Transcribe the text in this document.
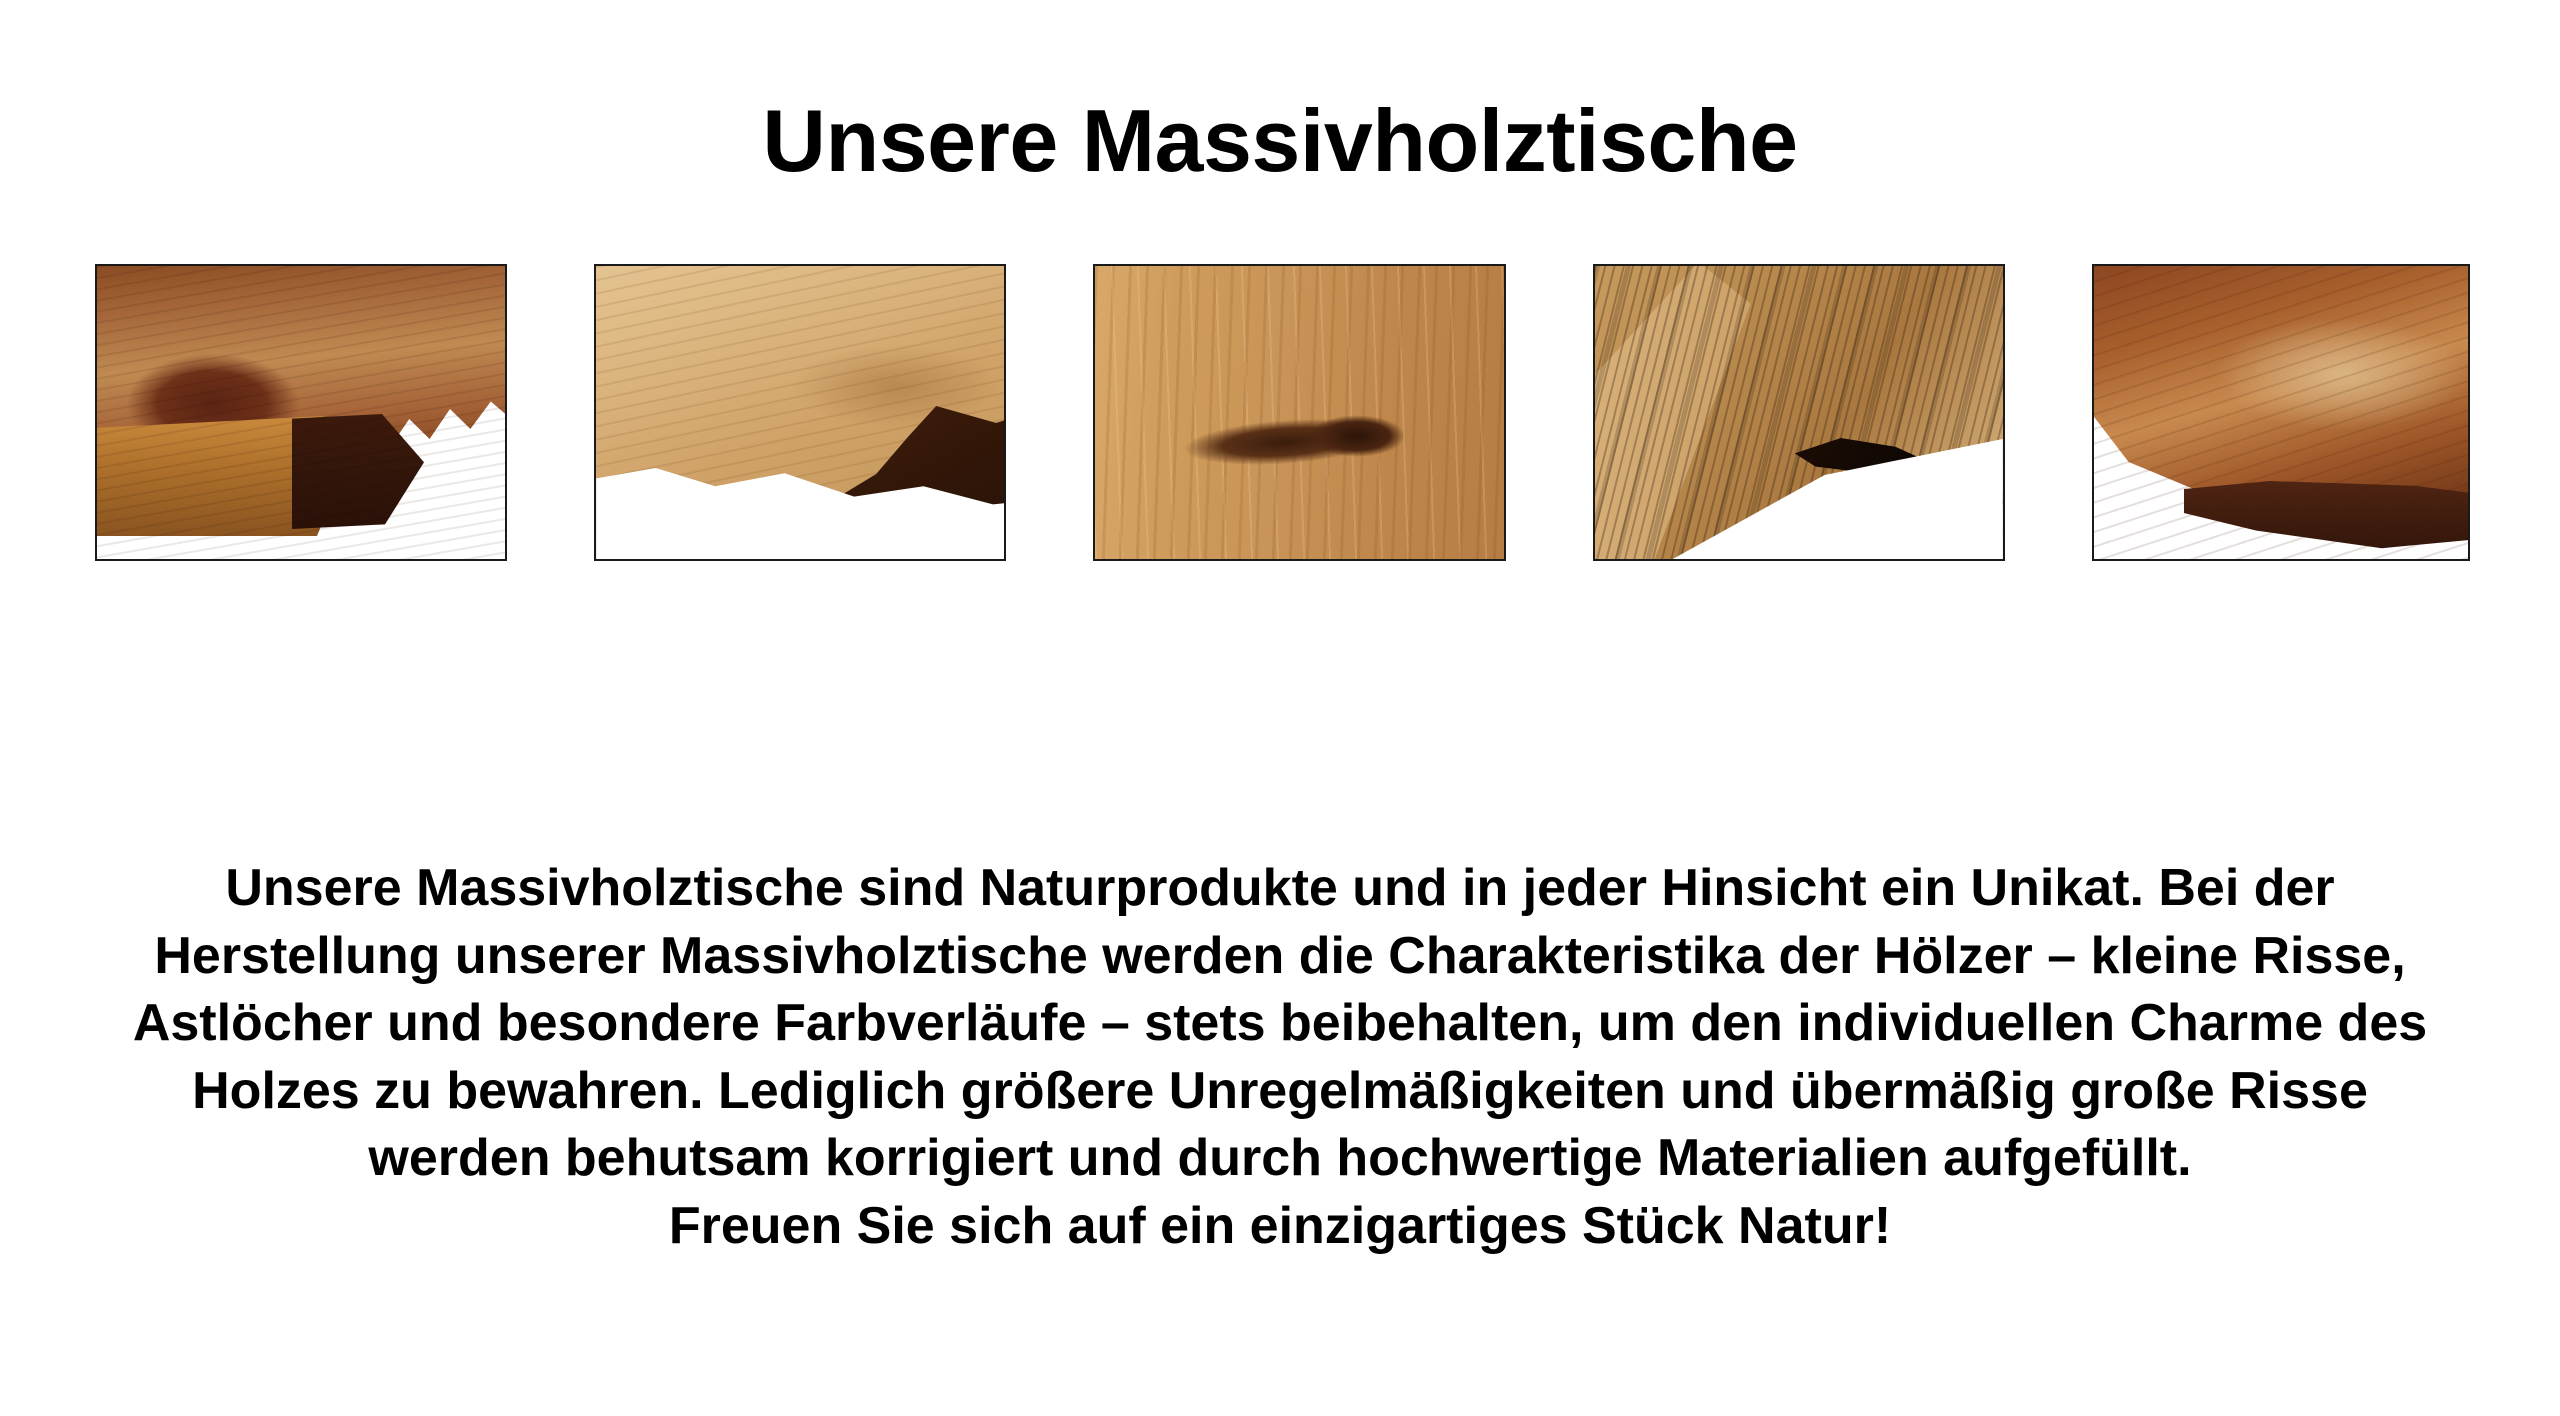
Unsere Massivholztische

Unsere Massivholztische sind Naturprodukte und in jeder Hinsicht ein Unikat. Bei der

Herstellung unserer Massivholztische werden die Charakteristika der Hölzer – kleine Risse,

Astlöcher und besondere Farbverläufe – stets beibehalten, um den individuellen Charme des

Holzes zu bewahren. Lediglich größere Unregelmäßigkeiten und übermäßig große Risse

werden behutsam korrigiert und durch hochwertige Materialien aufgefüllt.

Freuen Sie sich auf ein einzigartiges Stück Natur!
